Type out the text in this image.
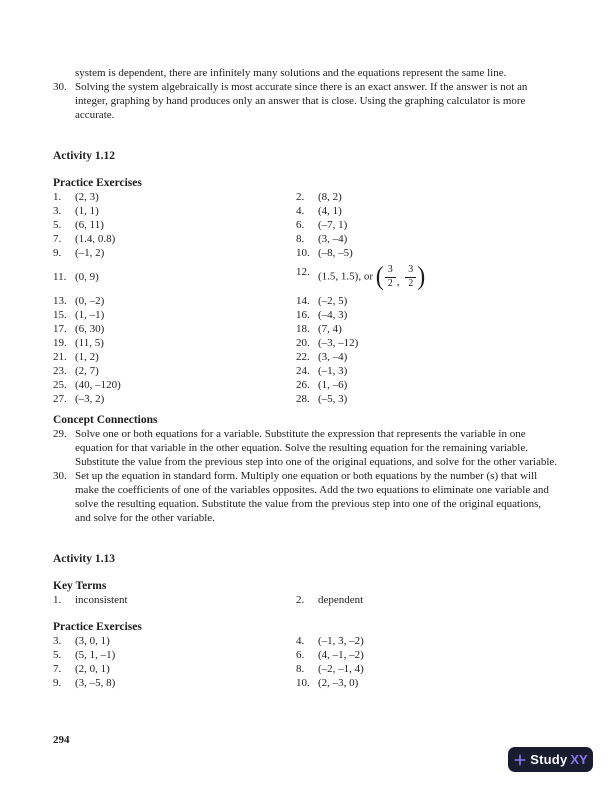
system is dependent, there are infinitely many solutions and the equations represent the same line.
30. Solving the system algebraically is most accurate since there is an exact answer. If the answer is not an integer, graphing by hand produces only an answer that is close. Using the graphing calculator is more accurate.
Activity 1.12
Practice Exercises
1.	(2, 3)	2.	(8, 2)
3.	(1, 1)	4.	(4, 1)
5.	(6, 11)	6.	(–7, 1)
7.	(1.4, 0.8)	8.	(3, –4)
9.	(–1, 2)	10. (–8, –5)
11. (0, 9)	12. (1.5, 1.5), or ( $\frac{3}{2}$ , $\frac{3}{2}$ )
13. (0, –2)	14. (–2, 5)
15. (1, –1)	16. (–4, 3)
17. (6, 30)	18. (7, 4)
19. (11, 5)	20. (–3, –12)
21. (1, 2)	22. (3, –4)
23. (2, 7)	24. (–1, 3)
25. (40, –120)	26. (1, –6)
27. (–3, 2)	28. (–5, 3)
Concept Connections
29. Solve one or both equations for a variable. Substitute the expression that represents the variable in one equation for that variable in the other equation. Solve the resulting equation for the remaining variable. Substitute the value from the previous step into one of the original equations, and solve for the other variable.
30. Set up the equation in standard form. Multiply one equation or both equations by the number (s) that will make the coefficients of one of the variables opposites. Add the two equations to eliminate one variable and solve the resulting equation. Substitute the value from the previous step into one of the original equations, and solve for the other variable.
Activity 1.13
Key Terms
1.	inconsistent	2.	dependent
Practice Exercises
3.	(3, 0, 1)	4.	(–1, 3, –2)
5.	(5, 1, –1)	6.	(4, –1, –2)
7.	(2, 0, 1)	8.	(–2, –1, 4)
9.	(3, –5, 8)	10. (2, –3, 0)
294
Study XY
